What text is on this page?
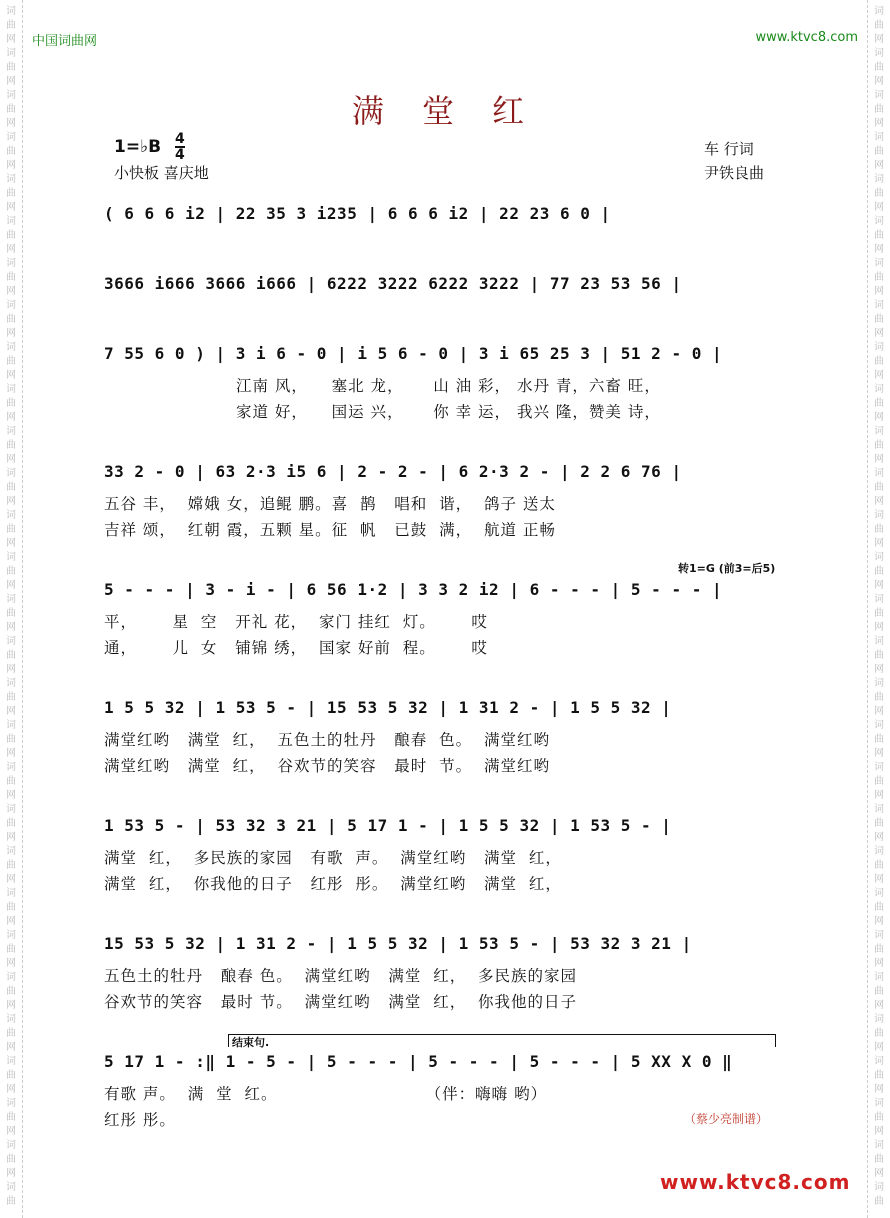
词
曲
网
词
曲
网
词
曲
网
词
曲
网
词
曲
网
词
曲
网
词
曲
网
词
曲
网
词
曲
网
词
曲
网
词
曲
网
词
曲
网
词
曲
网
词
曲
网
词
曲
网
词
曲
网
词
曲
网
词
曲
网
词
曲
网
词
曲
网
词
曲
网
词
曲
网
词
曲
网
词
曲
网
词
曲
网
词
曲
网
词
曲
网
词
曲
网
词
曲
词
曲
网
词
曲
网
词
曲
网
词
曲
网
词
曲
网
词
曲
网
词
曲
网
词
曲
网
词
曲
网
词
曲
网
词
曲
网
词
曲
网
词
曲
网
词
曲
网
词
曲
网
词
曲
网
词
曲
网
词
曲
网
词
曲
网
词
曲
网
词
曲
网
词
曲
网
词
曲
网
词
曲
网
词
曲
网
词
曲
网
词
曲
网
词
曲
网
词
曲
中国词曲网	www.ktvc8.com
满 堂 红
1=♭B $\frac{4}{4}$
小快板 喜庆地
车 行词
尹铁良曲
( 6 6 6 i2 | 22 35 3 i235 | 6 6 6 i2 | 22 23 6 0 |
3666 i666 3666 i666 | 6222 3222 6222 3222 | 77 23 53 56 |
7 55 6 0 ) | 3 i 6 - 0 | i 5 6 - 0 | 3 i 65 25 3 | 51 2 - 0 |
江南 风，    塞北 龙，     山 油 彩， 水丹 青，六畜 旺，
家道 好，    国运 兴，     你 幸 运， 我兴 隆，赞美 诗，
33 2 - 0 | 63 2·3 i5 6 | 2 - 2 - | 6 2·3 2 - | 2 2 6 76 |
五谷 丰，  嫦娥 女，追鲲 鹏。喜  鹊   唱和  谐，  鸽子 送太
吉祥 颂，  红朝 霞，五颗 星。征  帆   已鼓  满，  航道 正畅
转1=G (前3=后5)
5 - - - | 3 - i - | 6 56 1·2 | 3 3 2 i2 | 6 - - - | 5 - - - |
平，      星  空   开礼 花，  家门 挂红  灯。      哎
通，      儿  女   铺锦 绣，  国家 好前  程。      哎
1 5 5 32 | 1 53 5 - | 15 53 5 32 | 1 31 2 - | 1 5 5 32 |
满堂红哟   满堂  红，  五色土的牡丹   酿春  色。  满堂红哟
满堂红哟   满堂  红，  谷欢节的笑容   最时  节。  满堂红哟
1 53 5 - | 53 32 3 21 | 5 17 1 - | 1 5 5 32 | 1 53 5 - |
满堂  红，  多民族的家园   有歌  声。  满堂红哟   满堂  红，
满堂  红，  你我他的日子   红彤  彤。  满堂红哟   满堂  红，
15 53 5 32 | 1 31 2 - | 1 5 5 32 | 1 53 5 - | 53 32 3 21 |
五色土的牡丹   酿春 色。  满堂红哟   满堂  红，  多民族的家园
谷欢节的笑容   最时 节。  满堂红哟   满堂  红，  你我他的日子
结束句.
5 17 1 - :‖ 1 - 5 - | 5 - - - | 5 - - - | 5 - - - | 5 XX X 0 ‖
有歌 声。  满  堂  红。                         （伴：嗨嗨 哟）
红彤 彤。	（蔡少亮制谱）
www.ktvc8.com
